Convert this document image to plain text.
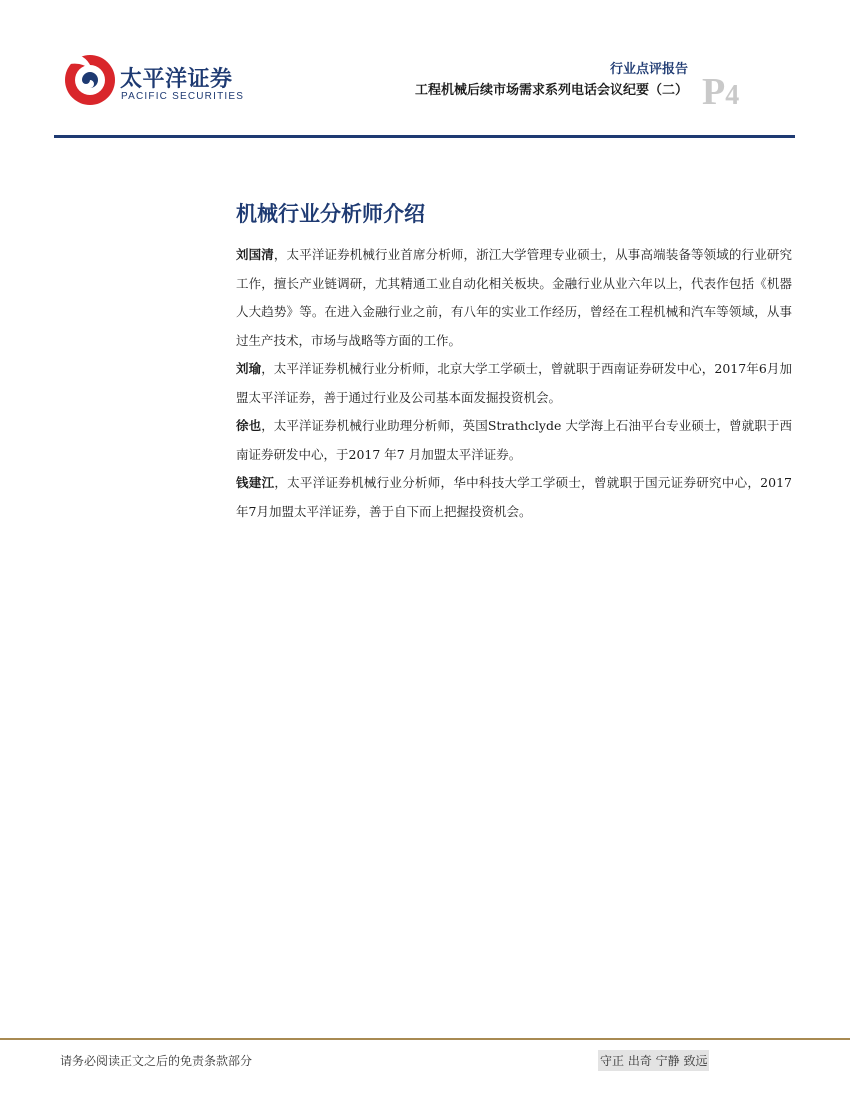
太平洋证券
PACIFIC SECURITIES
行业点评报告
工程机械后续市场需求系列电话会议纪要（二） P4
机械行业分析师介绍

刘国清，太平洋证券机械行业首席分析师，浙江大学管理专业硕士，从事高端装备等领域的行业研究工作，擅长产业链调研，尤其精通工业自动化相关板块。金融行业从业六年以上，代表作包括《机器人大趋势》等。在进入金融行业之前，有八年的实业工作经历，曾经在工程机械和汽车等领域，从事过生产技术，市场与战略等方面的工作。

刘瑜，太平洋证券机械行业分析师，北京大学工学硕士，曾就职于西南证券研发中心，2017年6月加盟太平洋证券，善于通过行业及公司基本面发掘投资机会。

徐也，太平洋证券机械行业助理分析师，英国Strathclyde 大学海上石油平台专业硕士，曾就职于西南证券研发中心，于2017 年7 月加盟太平洋证券。

钱建江，太平洋证券机械行业分析师，华中科技大学工学硕士，曾就职于国元证券研究中心，2017年7月加盟太平洋证券，善于自下而上把握投资机会。

请务必阅读正文之后的免责条款部分	守正 出奇 宁静 致远
